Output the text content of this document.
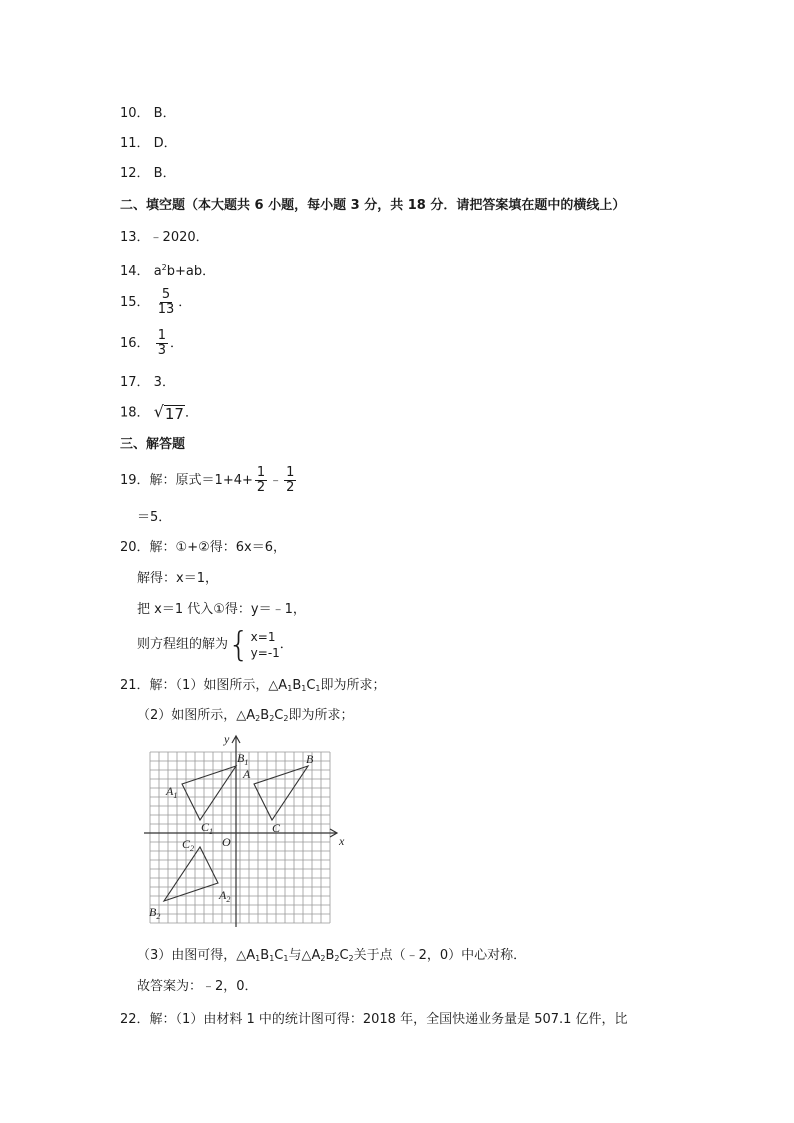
10． B．
11． D．
12． B．
二、填空题（本大题共 6 小题，每小题 3 分，共 18 分．请把答案填在题中的横线上）
13．﹣2020．
14． $a^2b+ab$．
15． $\frac{5}{13}$ ．
16． $\frac{1}{3}$ ．
17． 3．
18． √ 17 ．
三、解答题
19．解：原式$=1+4+ \frac{1}{2}$ ﹣ $\frac{1}{2}$
＝5．
20．解：①+②得：6x＝6，
解得：x＝1，
把 x＝1 代入①得：y＝﹣1，
则方程组的解为 { x=1
y=-1
．
21．解：（1）如图所示，$\triangle A_1B_1C_1$即为所求；
（2）如图所示，$\triangle A_2B_2C_2$即为所求；
x
y
O
A
B
C
$A_1$
$B_1$
$C_1$
$A_2$
$B_2$
$C_2$
（3）由图可得，$\triangle A_1B_1C_1$与$\triangle A_2B_2C_2$关于点（﹣2，0）中心对称．
故答案为：﹣2，0．
22．解：（1）由材料 1 中的统计图可得：2018 年，全国快递业务量是 507.1 亿件，比
